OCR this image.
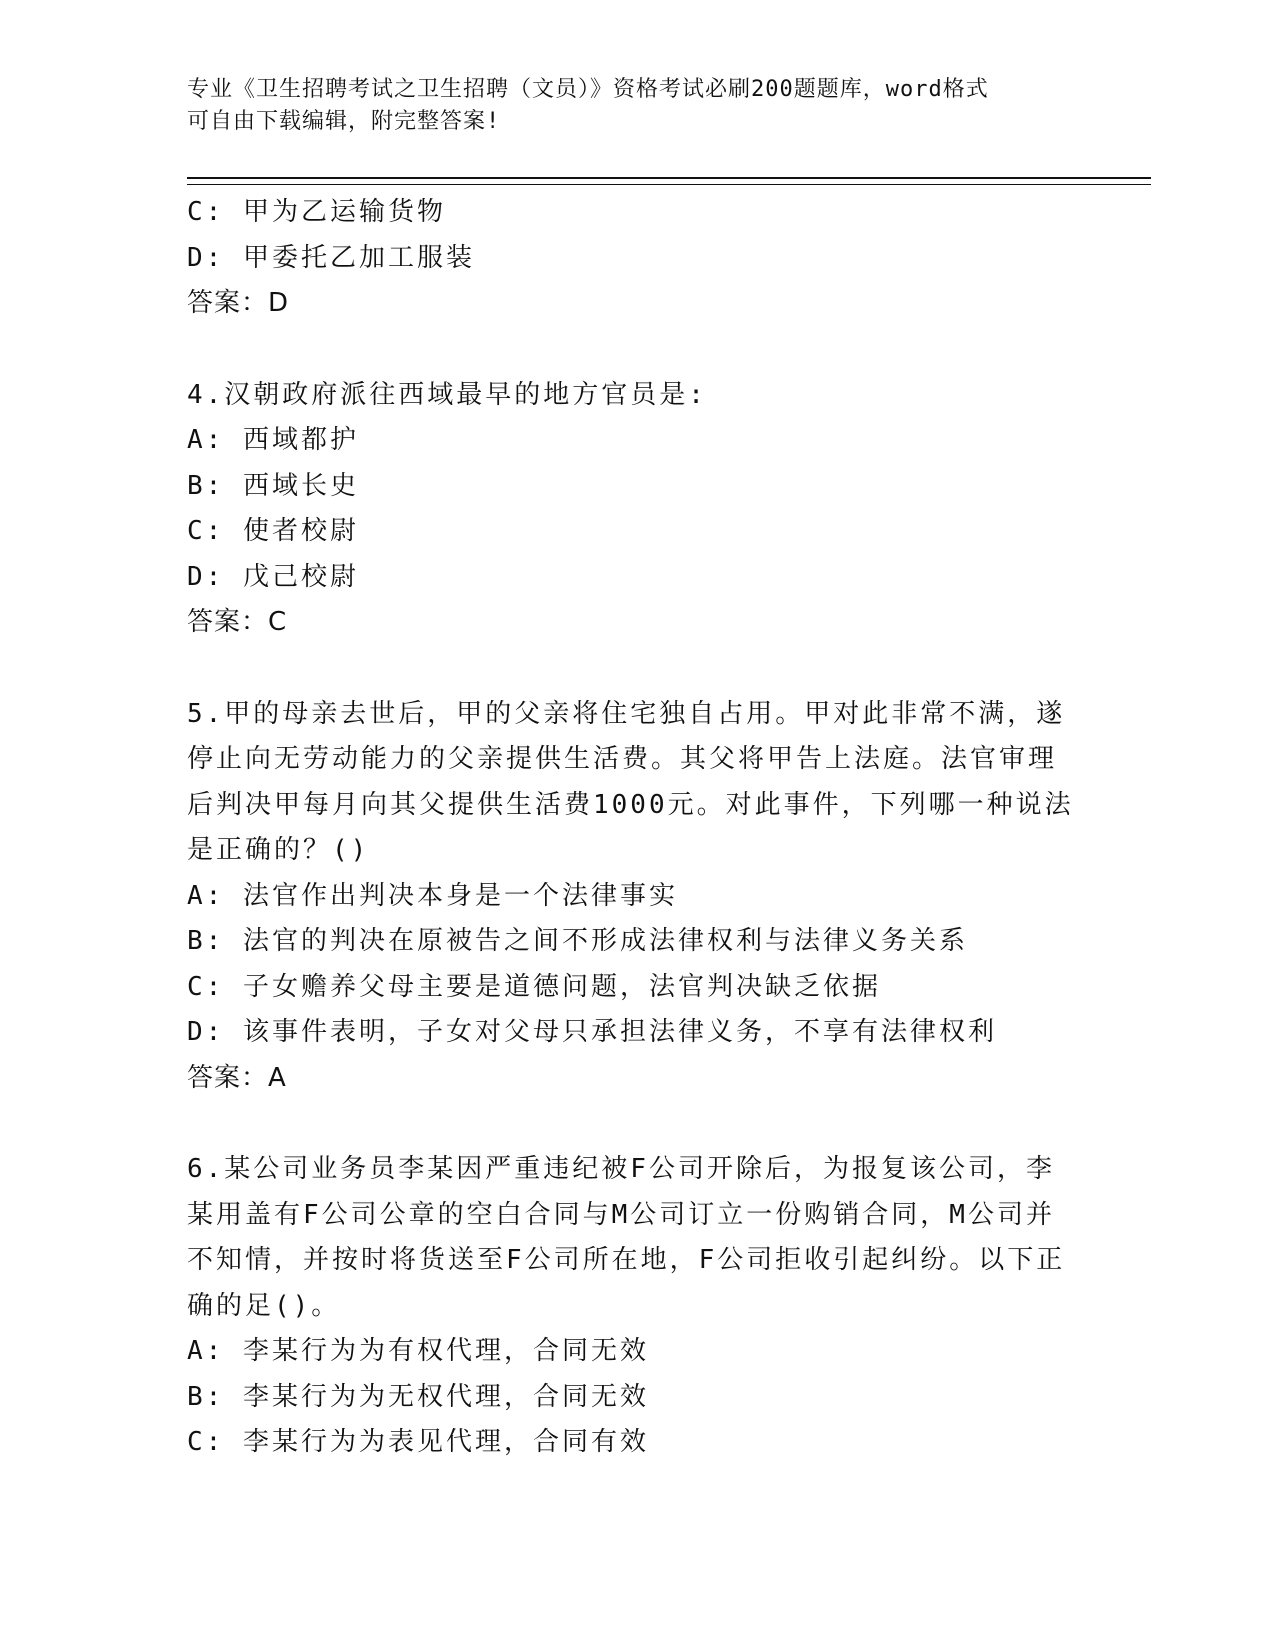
专业《卫生招聘考试之卫生招聘（文员）》资格考试必刷200题题库，word格式
可自由下载编辑，附完整答案!
C: 甲为乙运输货物
D: 甲委托乙加工服装
答案：D
4.汉朝政府派往西域最早的地方官员是:
A: 西域都护
B: 西域长史
C: 使者校尉
D: 戊己校尉
答案：C
5.甲的母亲去世后，甲的父亲将住宅独自占用。甲对此非常不满，遂
停止向无劳动能力的父亲提供生活费。其父将甲告上法庭。法官审理
后判决甲每月向其父提供生活费1000元。对此事件，下列哪一种说法
是正确的？()
A: 法官作出判决本身是一个法律事实
B: 法官的判决在原被告之间不形成法律权利与法律义务关系
C: 子女赡养父母主要是道德问题，法官判决缺乏依据
D: 该事件表明，子女对父母只承担法律义务，不享有法律权利
答案：A
6.某公司业务员李某因严重违纪被F公司开除后，为报复该公司，李
某用盖有F公司公章的空白合同与M公司订立一份购销合同，M公司并
不知情，并按时将货送至F公司所在地，F公司拒收引起纠纷。以下正
确的足()。
A: 李某行为为有权代理，合同无效
B: 李某行为为无权代理，合同无效
C: 李某行为为表见代理，合同有效
